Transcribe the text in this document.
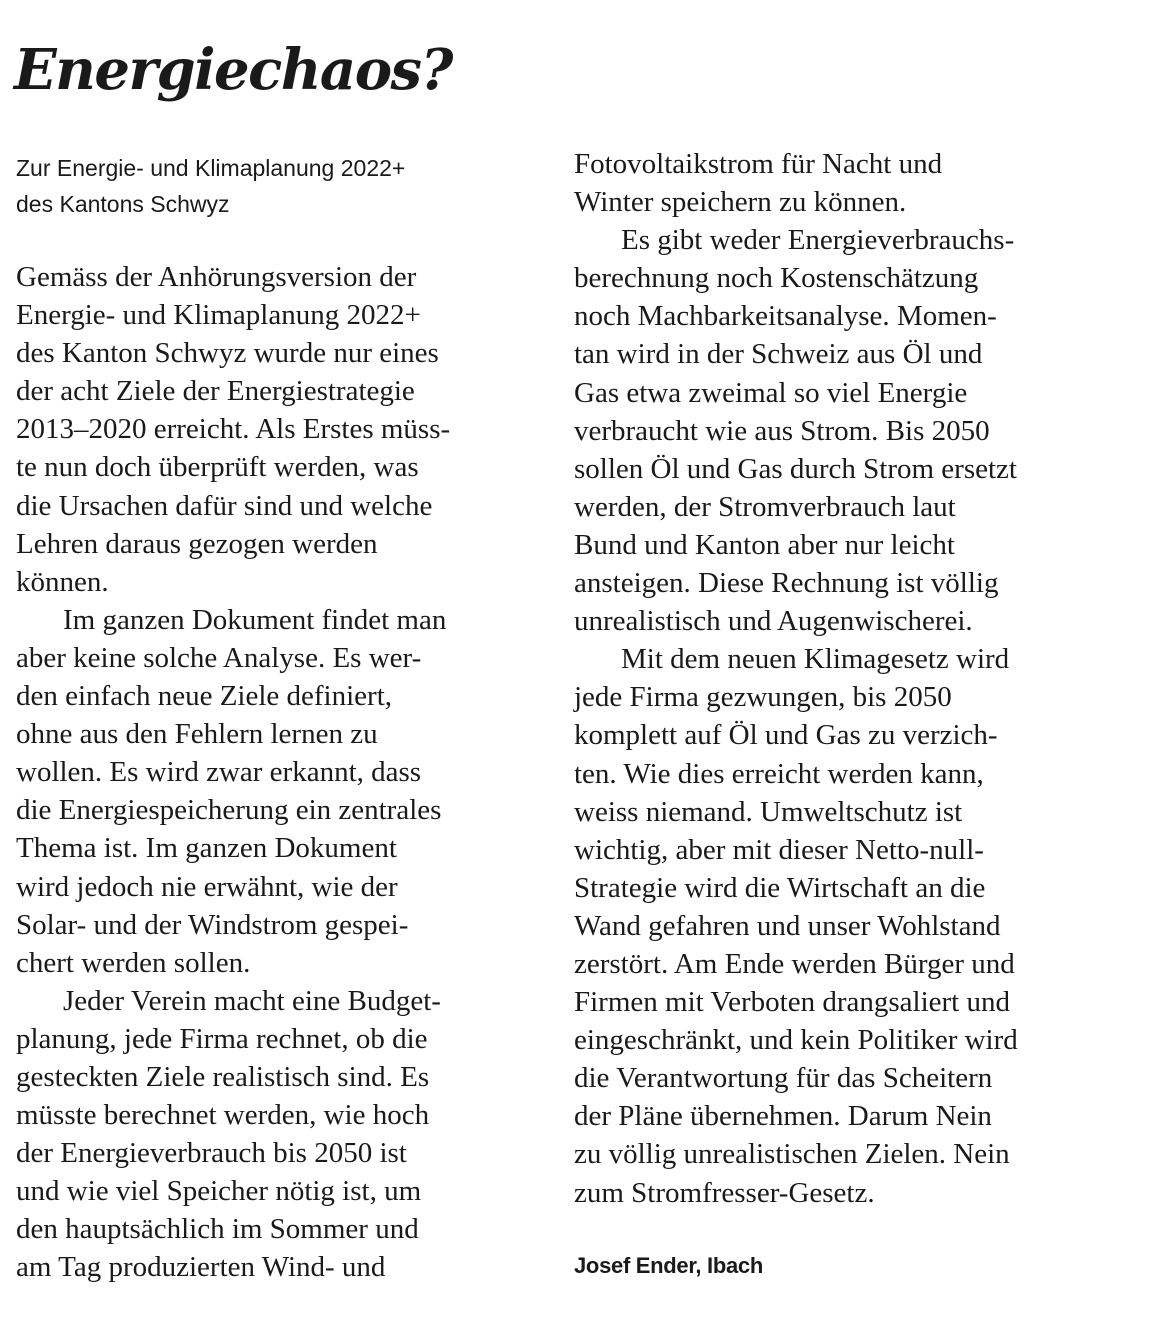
Energiechaos?

Zur Energie- und Klimaplanung 2022+
des Kantons Schwyz

Gemäss der Anhörungsversion der
Energie- und Klimaplanung 2022+
des Kanton Schwyz wurde nur eines
der acht Ziele der Energiestrategie
2013–2020 erreicht. Als Erstes müss-
te nun doch überprüft werden, was
die Ursachen dafür sind und welche
Lehren daraus gezogen werden
können.
Im ganzen Dokument findet man
aber keine solche Analyse. Es wer-
den einfach neue Ziele definiert,
ohne aus den Fehlern lernen zu
wollen. Es wird zwar erkannt, dass
die Energiespeicherung ein zentrales
Thema ist. Im ganzen Dokument
wird jedoch nie erwähnt, wie der
Solar- und der Windstrom gespei-
chert werden sollen.
Jeder Verein macht eine Budget-
planung, jede Firma rechnet, ob die
gesteckten Ziele realistisch sind. Es
müsste berechnet werden, wie hoch
der Energieverbrauch bis 2050 ist
und wie viel Speicher nötig ist, um
den hauptsächlich im Sommer und
am Tag produzierten Wind- und
Fotovoltaikstrom für Nacht und
Winter speichern zu können.
Es gibt weder Energieverbrauchs-
berechnung noch Kostenschätzung
noch Machbarkeitsanalyse. Momen-
tan wird in der Schweiz aus Öl und
Gas etwa zweimal so viel Energie
verbraucht wie aus Strom. Bis 2050
sollen Öl und Gas durch Strom ersetzt
werden, der Stromverbrauch laut
Bund und Kanton aber nur leicht
ansteigen. Diese Rechnung ist völlig
unrealistisch und Augenwischerei.
Mit dem neuen Klimagesetz wird
jede Firma gezwungen, bis 2050
komplett auf Öl und Gas zu verzich-
ten. Wie dies erreicht werden kann,
weiss niemand. Umweltschutz ist
wichtig, aber mit dieser Netto-null-
Strategie wird die Wirtschaft an die
Wand gefahren und unser Wohlstand
zerstört. Am Ende werden Bürger und
Firmen mit Verboten drangsaliert und
eingeschränkt, und kein Politiker wird
die Verantwortung für das Scheitern
der Pläne übernehmen. Darum Nein
zu völlig unrealistischen Zielen. Nein
zum Stromfresser-Gesetz.

Josef Ender, Ibach
